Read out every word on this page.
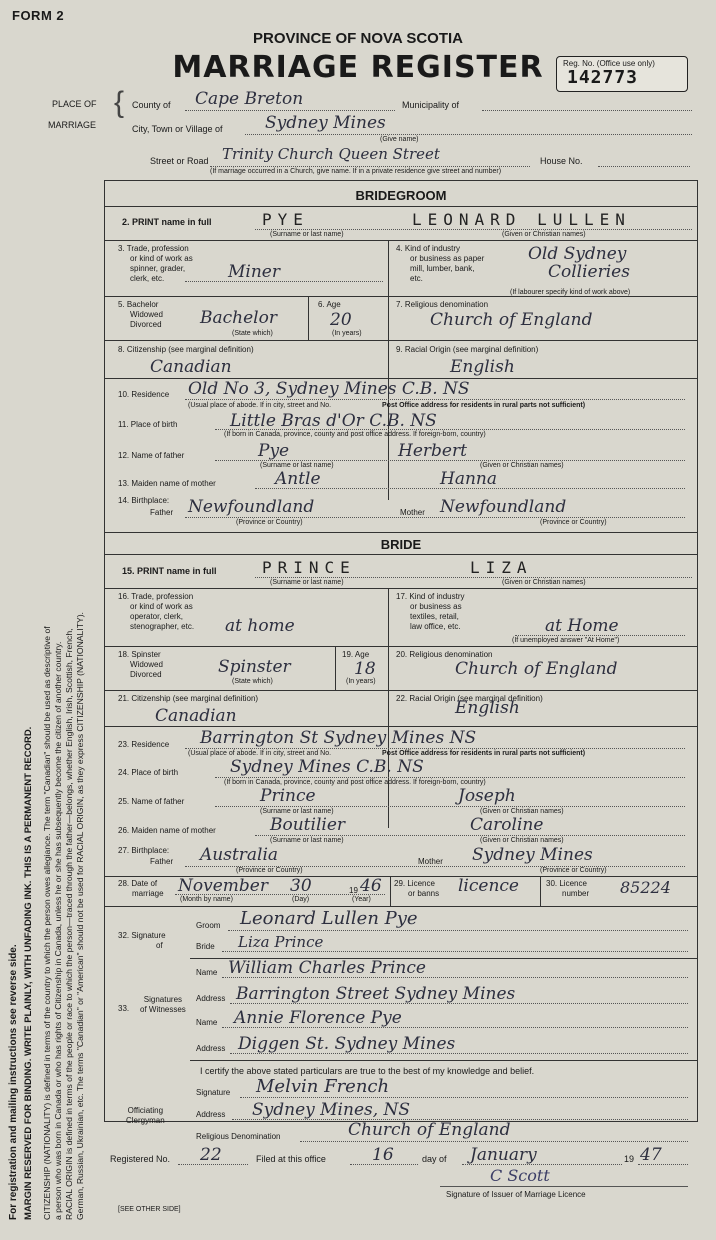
For registration and mailing instructions see reverse side. MARGIN RESERVED FOR BINDING. WRITE PLAINLY, WITH UNFADING INK. THIS IS A PERMANENT RECORD. CITIZENSHIP (NATIONALITY) is defined in terms of the country to which the person owes allegiance. The term "Canadian" should be used as descriptive of a person who was born in Canada or who has rights of Citizenship in Canada, unless he or she has subsequently become the citizen of another country. RACIAL ORIGIN is defined in terms of the people or race to which the person—traced through the father—belongs, whether English, Irish, Scottish, French, German, Russian, Ukrainian, etc. The terms "Canadian" or "American" should not be used for RACIAL ORIGIN, as they express CITIZENSHIP (NATIONALITY).
FORM 2
PROVINCE OF NOVA SCOTIA
MARRIAGE REGISTER	Reg. No. (Office use only)
142773
PLACE OF
MARRIAGE
{ County of Cape Breton	Municipality of
City, Town or Village of Sydney Mines
(Give name)
Street or Road Trinity Church Queen Street	House No.
(If marriage occurred in a Church, give name. If in a private residence give street and number)
BRIDEGROOM
2. PRINT name in full	PYE	LEONARD LULLEN
(Surname or last name)	(Given or Christian names)
3. Trade, profession
or kind of work as
spinner, grader,
clerk, etc.	Miner
4. Kind of industry
or business as paper
mill, lumber, bank,
etc.
Old Sydney
Collieries
(If labourer specify kind of work above)
5. Bachelor
Widowed
Divorced Bachelor
(State which)
6. Age
20
(In years)
7. Religious denomination
Church of England
8. Citizenship (see marginal definition)
Canadian
9. Racial Origin (see marginal definition)
English
10. Residence Old No 3, Sydney Mines C.B. NS
(Usual place of abode. If in city, street and No.	Post Office address for residents in rural parts not sufficient)
11. Place of birth	Little Bras d'Or C.B. NS
(If born in Canada, province, county and post office address. If foreign-born, country)
12. Name of father	Pye	Herbert
(Surname or last name)	(Given or Christian names)
13. Maiden name of mother	Antle	Hanna
14. Birthplace:
Father Newfoundland	Mother Newfoundland
(Province or Country)	(Province or Country)
BRIDE
15. PRINT name in full	PRINCE	LIZA
(Surname or last name)	(Given or Christian names)
16. Trade, profession
or kind of work as
operator, clerk,
stenographer, etc. at home
17. Kind of industry
or business as
textiles, retail,
law office, etc.	at Home
(If unemployed answer "At Home")
18. Spinster
Widowed
Divorced	Spinster
(State which)
19. Age
18
(In years)
20. Religious denomination
Church of England
21. Citizenship (see marginal definition)
Canadian
22. Racial Origin (see marginal definition)
English
23. Residence Barrington St Sydney Mines NS
(Usual place of abode. If in city, street and No.	Post Office address for residents in rural parts not sufficient)
24. Place of birth	Sydney Mines C.B. NS
(If born in Canada, province, county and post office address. If foreign-born, country)
25. Name of father	Prince	Joseph
(Surname or last name)	(Given or Christian names)
26. Maiden name of mother	Boutilier	Caroline
(Surname or last name)	(Given or Christian names)
27. Birthplace:
Father Australia	Mother Sydney Mines
(Province or Country)	(Province or Country)
28. Date of
marriage November 30	19 46
(Month by name)	(Day)	(Year)
29. Licence
or banns licence	30. Licence
number 85224
32. Signature
of
Groom Leonard Lullen Pye
Bride Liza Prince
Signatures
of Witnesses
33.
Name William Charles Prince
Address Barrington Street Sydney Mines
Name Annie Florence Pye
Address Diggen St. Sydney Mines
I certify the above stated particulars are true to the best of my knowledge and belief.
Officiating
Clergyman
Signature Melvin French
Address Sydney Mines, NS
Religious Denomination	Church of England
Registered No. 22	Filed at this office	16	day of January	19 47
C Scott
Signature of Issuer of Marriage Licence
[SEE OTHER SIDE]
